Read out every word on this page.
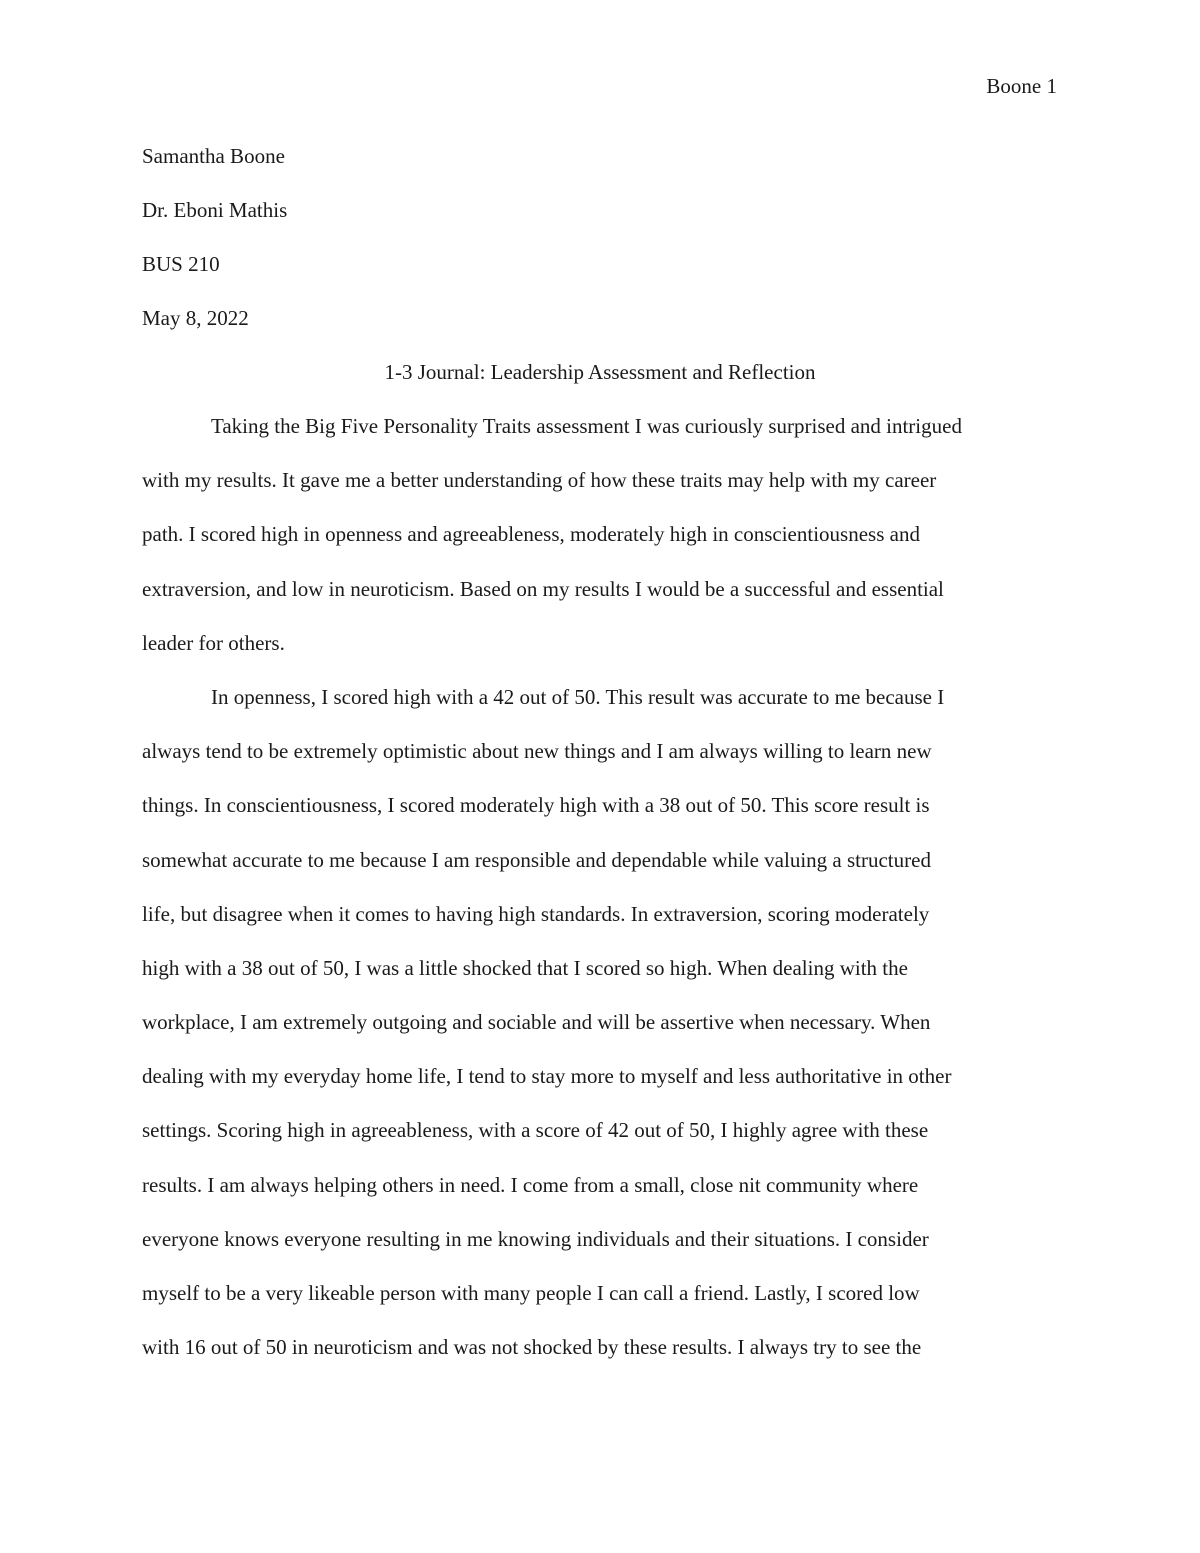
Boone 1
Samantha Boone
Dr. Eboni Mathis
BUS 210
May 8, 2022
1-3 Journal: Leadership Assessment and Reflection
Taking the Big Five Personality Traits assessment I was curiously surprised and intrigued
with my results. It gave me a better understanding of how these traits may help with my career
path. I scored high in openness and agreeableness, moderately high in conscientiousness and
extraversion, and low in neuroticism. Based on my results I would be a successful and essential
leader for others.
In openness, I scored high with a 42 out of 50. This result was accurate to me because I
always tend to be extremely optimistic about new things and I am always willing to learn new
things. In conscientiousness, I scored moderately high with a 38 out of 50. This score result is
somewhat accurate to me because I am responsible and dependable while valuing a structured
life, but disagree when it comes to having high standards. In extraversion, scoring moderately
high with a 38 out of 50, I was a little shocked that I scored so high. When dealing with the
workplace, I am extremely outgoing and sociable and will be assertive when necessary. When
dealing with my everyday home life, I tend to stay more to myself and less authoritative in other
settings. Scoring high in agreeableness, with a score of 42 out of 50, I highly agree with these
results. I am always helping others in need. I come from a small, close nit community where
everyone knows everyone resulting in me knowing individuals and their situations. I consider
myself to be a very likeable person with many people I can call a friend. Lastly, I scored low
with 16 out of 50 in neuroticism and was not shocked by these results. I always try to see the
